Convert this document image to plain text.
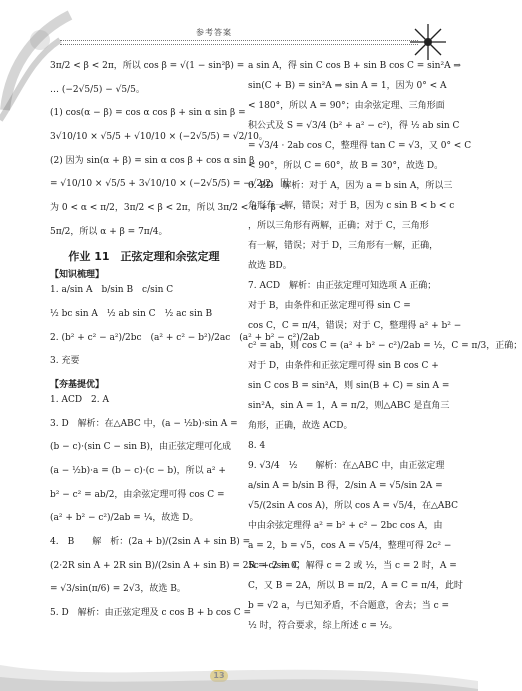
参考答案
3π/2 < β < 2π，所以 cos β = √(1 − sin²β) =
… (−2√5/5) − √5/5。
(1) cos(α − β) = cos α cos β + sin α sin β =
3√10/10 × √5/5 + √10/10 × (−2√5/5) = √2/10。
(2) 因为 sin(α + β) = sin α cos β + cos α sin β
= √10/10 × √5/5 + 3√10/10 × (−2√5/5) = −√2/2，因
为 0 < α < π/2，3π/2 < β < 2π，所以 3π/2 < α + β <
5π/2，所以 α + β = 7π/4。
作业 11　正弦定理和余弦定理
【知识梳理】
1. a/sin A　b/sin B　c/sin C
½ bc sin A　½ ab sin C　½ ac sin B
2. (b² + c² − a²)/2bc　(a² + c² − b²)/2ac　(a² + b² − c²)/2ab
3. 充要
【夯基提优】
1. ACD　2. A
3. D　解析：在△ABC 中，(a − ½b)·sin A =
(b − c)·(sin C − sin B)，由正弦定理可化成
(a − ½b)·a = (b − c)·(c − b)，所以 a² +
b² − c² = ab/2，由余弦定理可得 cos C =
(a² + b² − c²)/2ab = ¼，故选 D。
4.　B　　解　析：(2a + b)/(2sin A + sin B) =
(2·2R sin A + 2R sin B)/(2sin A + sin B) = 2R = c/sin C
= √3/sin(π/6) = 2√3，故选 B。
5. D　解析：由正弦定理及 c cos B + b cos C =
a sin A，得 sin C cos B + sin B cos C = sin²A ⇒
sin(C + B) = sin²A ⇒ sin A = 1，因为 0° < A
< 180°，所以 A = 90°；由余弦定理、三角形面
积公式及 S = √3/4 (b² + a² − c²)，得 ½ ab sin C
= √3/4 · 2ab cos C，整理得 tan C = √3，又 0° < C
< 90°，所以 C = 60°，故 B = 30°，故选 D。
6. BD　解析：对于 A，因为 a = b sin A，所以三
角形有一解，错误；对于 B，因为 c sin B < b < c
，所以三角形有两解，正确；对于 C，三角形
有一解，错误；对于 D，三角形有一解，正确，
故选 BD。
7. ACD　解析：由正弦定理可知选项 A 正确；
对于 B，由条件和正弦定理可得 sin C =
cos C，C = π/4，错误；对于 C，整理得 a² + b² −
c² = ab，则 cos C = (a² + b² − c²)/2ab = ½，C = π/3，正确；
对于 D，由条件和正弦定理可得 sin B cos C +
sin C cos B = sin²A，则 sin(B + C) = sin A =
sin²A，sin A = 1，A = π/2，则△ABC 是直角三
角形，正确，故选 ACD。
8. 4
9. √3/4　½　　解析：在△ABC 中，由正弦定理
a/sin A = b/sin B 得，2/sin A = √5/sin 2A =
√5/(2sin A cos A)，所以 cos A = √5/4，在△ABC
中由余弦定理得 a² = b² + c² − 2bc cos A，由
a = 2，b = √5，cos A = √5/4，整理可得 2c² −
5c + 2 = 0，解得 c = 2 或 ½，当 c = 2 时，A =
C，又 B = 2A，所以 B = π/2，A = C = π/4，此时
b = √2 a，与已知矛盾，不合题意，舍去；当 c =
½ 时，符合要求，综上所述 c = ½。
